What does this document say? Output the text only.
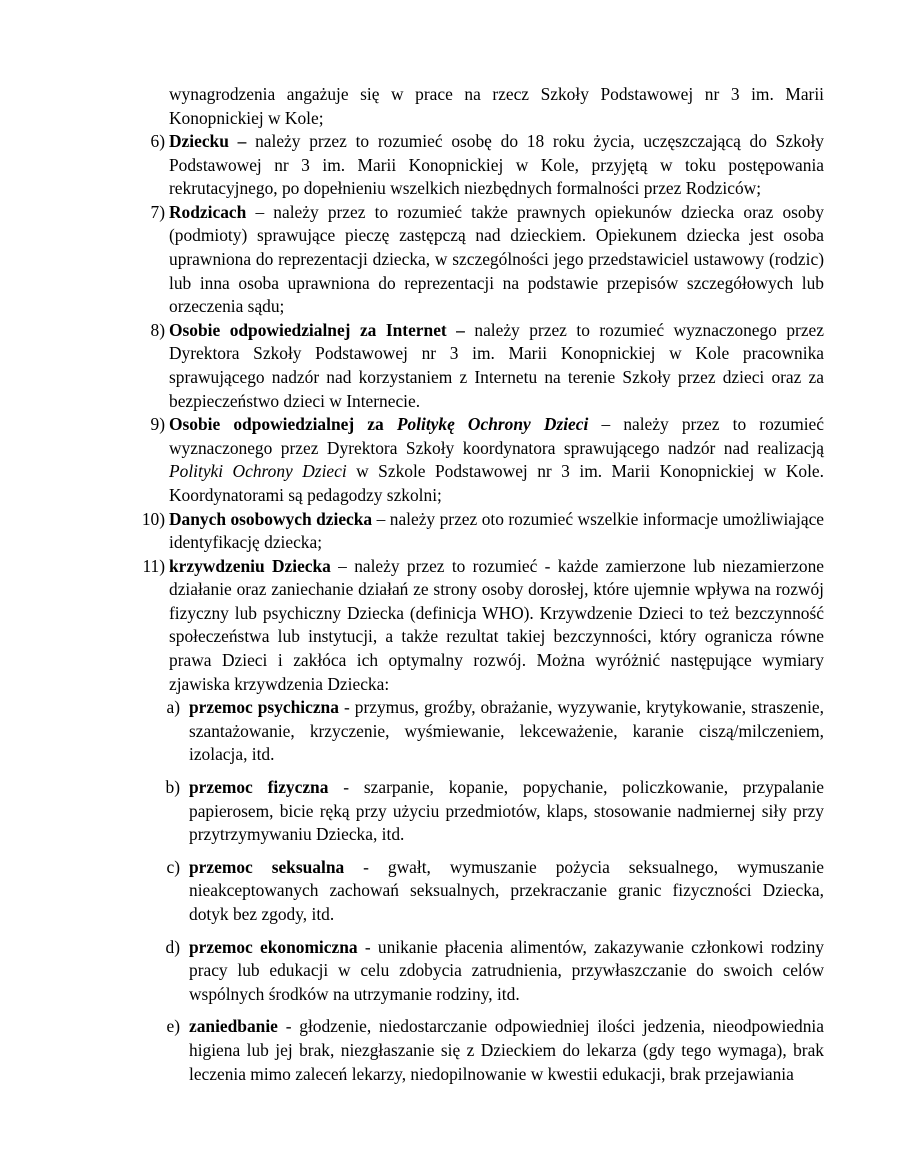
wynagrodzenia angażuje się w prace na rzecz Szkoły Podstawowej nr 3 im. Marii Konopnickiej w Kole;
6) Dziecku – należy przez to rozumieć osobę do 18 roku życia, uczęszczającą do Szkoły Podstawowej nr 3 im. Marii Konopnickiej w Kole, przyjętą w toku postępowania rekrutacyjnego, po dopełnieniu wszelkich niezbędnych formalności przez Rodziców;
7) Rodzicach – należy przez to rozumieć także prawnych opiekunów dziecka oraz osoby (podmioty) sprawujące pieczę zastępczą nad dzieckiem. Opiekunem dziecka jest osoba uprawniona do reprezentacji dziecka, w szczególności jego przedstawiciel ustawowy (rodzic) lub inna osoba uprawniona do reprezentacji na podstawie przepisów szczegółowych lub orzeczenia sądu;
8) Osobie odpowiedzialnej za Internet – należy przez to rozumieć wyznaczonego przez Dyrektora Szkoły Podstawowej nr 3 im. Marii Konopnickiej w Kole pracownika sprawującego nadzór nad korzystaniem z Internetu na terenie Szkoły przez dzieci oraz za bezpieczeństwo dzieci w Internecie.
9) Osobie odpowiedzialnej za Politykę Ochrony Dzieci – należy przez to rozumieć wyznaczonego przez Dyrektora Szkoły koordynatora sprawującego nadzór nad realizacją Polityki Ochrony Dzieci w Szkole Podstawowej nr 3 im. Marii Konopnickiej w Kole. Koordynatorami są pedagodzy szkolni;
10) Danych osobowych dziecka – należy przez oto rozumieć wszelkie informacje umożliwiające identyfikację dziecka;
11) krzywdzeniu Dziecka – należy przez to rozumieć - każde zamierzone lub niezamierzone działanie oraz zaniechanie działań ze strony osoby dorosłej, które ujemnie wpływa na rozwój fizyczny lub psychiczny Dziecka (definicja WHO). Krzywdzenie Dzieci to też bezczynność społeczeństwa lub instytucji, a także rezultat takiej bezczynności, który ogranicza równe prawa Dzieci i zakłóca ich optymalny rozwój. Można wyróżnić następujące wymiary zjawiska krzywdzenia Dziecka:
a) przemoc psychiczna - przymus, groźby, obrażanie, wyzywanie, krytykowanie, straszenie, szantażowanie, krzyczenie, wyśmiewanie, lekceważenie, karanie ciszą/milczeniem, izolacja, itd.
b) przemoc fizyczna - szarpanie, kopanie, popychanie, policzkowanie, przypalanie papierosem, bicie ręką przy użyciu przedmiotów, klaps, stosowanie nadmiernej siły przy przytrzymywaniu Dziecka, itd.
c) przemoc seksualna - gwałt, wymuszanie pożycia seksualnego, wymuszanie nieakceptowanych zachowań seksualnych, przekraczanie granic fizyczności Dziecka, dotyk bez zgody, itd.
d) przemoc ekonomiczna - unikanie płacenia alimentów, zakazywanie członkowi rodziny pracy lub edukacji w celu zdobycia zatrudnienia, przywłaszczanie do swoich celów wspólnych środków na utrzymanie rodziny, itd.
e) zaniedbanie - głodzenie, niedostarczanie odpowiedniej ilości jedzenia, nieodpowiednia higiena lub jej brak, niezgłaszanie się z Dzieckiem do lekarza (gdy tego wymaga), brak leczenia mimo zaleceń lekarzy, niedopilnowanie w kwestii edukacji, brak przejawiania
